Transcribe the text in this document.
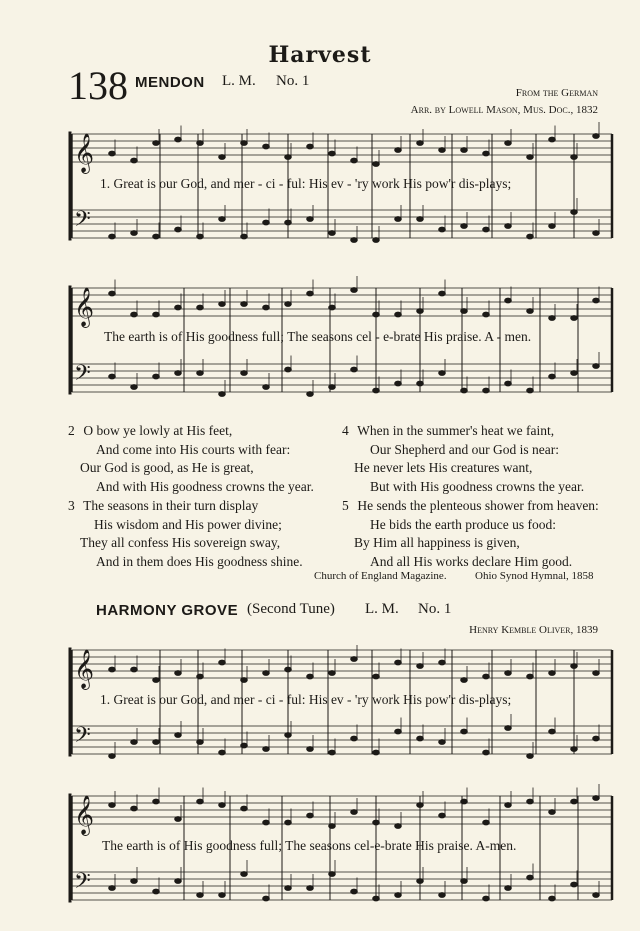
Harvest
138 MENDON L. M. No. 1
From the German
Arr. by Lowell Mason, Mus. Doc., 1832
𝄞
𝄢
𝄞
𝄢
𝄞
𝄢
𝄞
𝄢
1. Great is our God, and mer - ci - ful: His ev - 'ry work His pow'r dis-plays;
The earth is of His goodness full; The seasons cel - e-brate His praise. A - men.
2 O bow ye lowly at His feet,
And come into His courts with fear:
Our God is good, as He is great,
And with His goodness crowns the year.
3 The seasons in their turn display
His wisdom and His power divine;
They all confess His sovereign sway,
And in them does His goodness shine.
4 When in the summer's heat we faint,
Our Shepherd and our God is near:
He never lets His creatures want,
But with His goodness crowns the year.
5 He sends the plenteous shower from heaven:
He bids the earth produce us food:
By Him all happiness is given,
And all His works declare Him good.
Church of England Magazine.	Ohio Synod Hymnal, 1858
HARMONY GROVE (Second Tune) L. M. No. 1
Henry Kemble Oliver, 1839
1. Great is our God, and mer - ci - ful: His ev - 'ry work His pow'r dis-plays;
The earth is of His goodness full; The seasons cel-e-brate His praise. A-men.
